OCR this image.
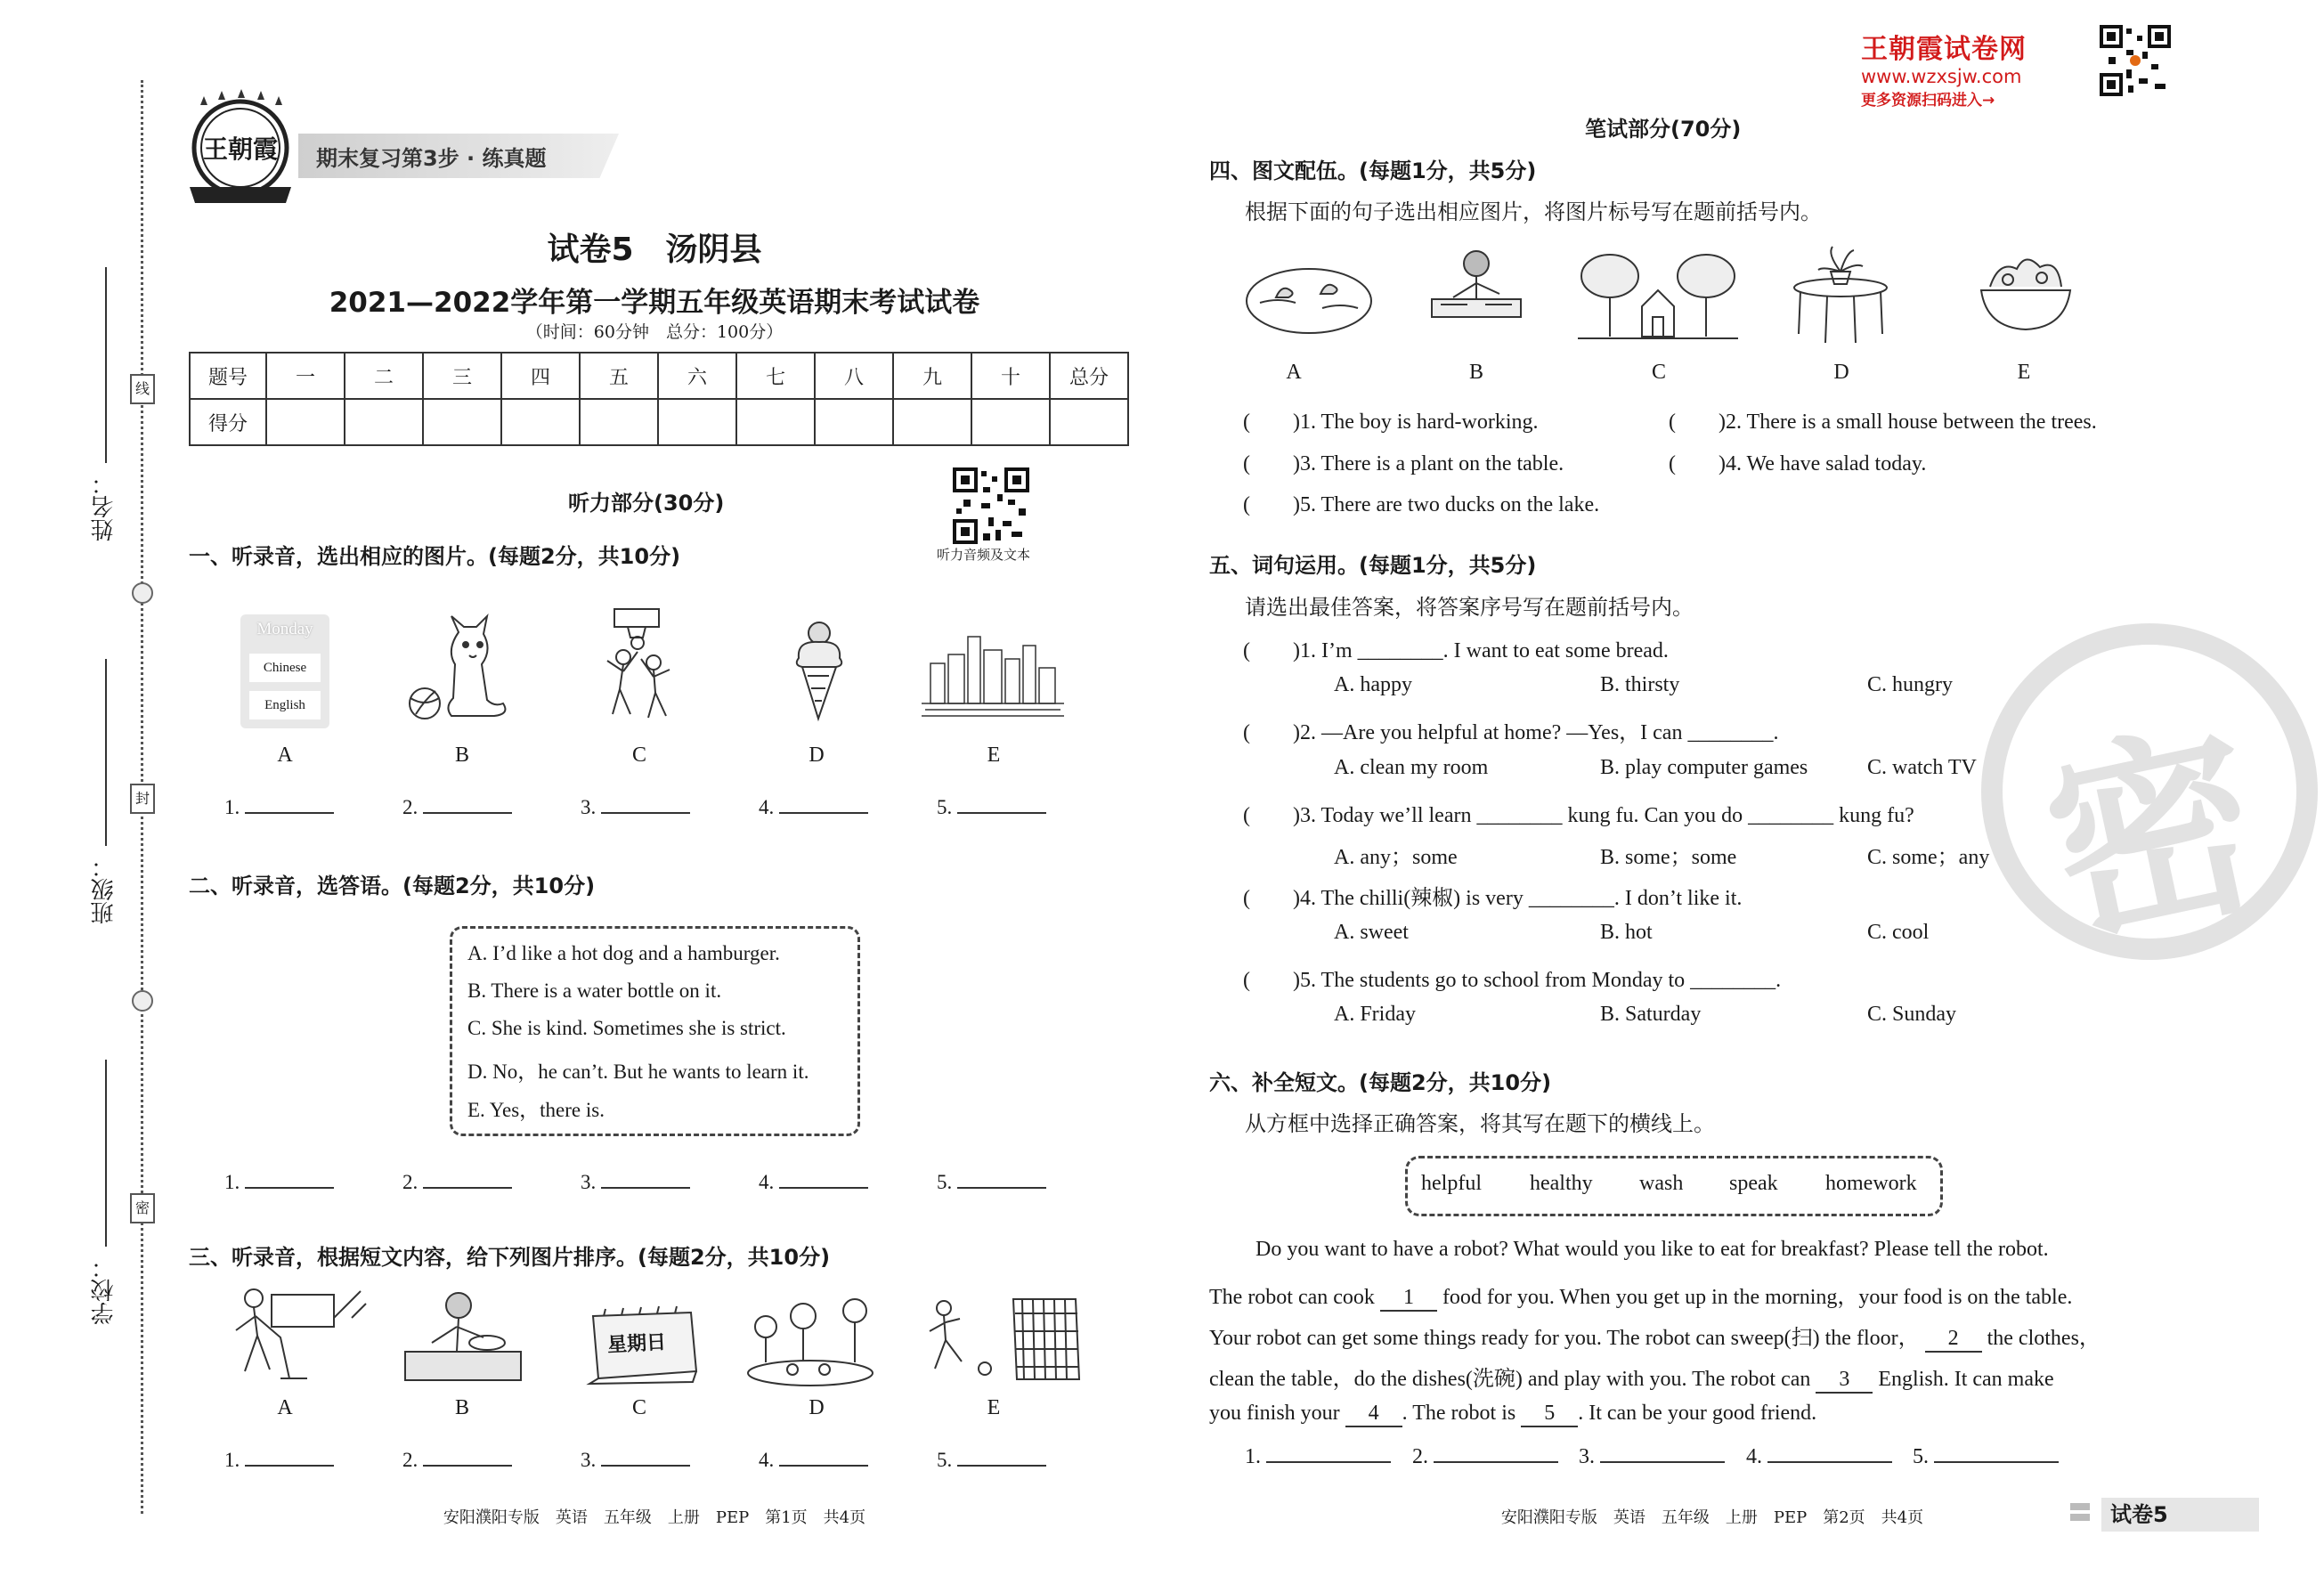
线
封
密
姓名：
班级：
学校：
王朝霞 期末复习第3步 · 练真题
试卷5　汤阴县
2021—2022学年第一学期五年级英语期末考试试卷
（时间：60分钟　总分：100分）
题号	一	二	三	四	五	六	七	八	九	十	总分
得分											
听力部分(30分)
听力音频及文本
一、听录音，选出相应的图片。(每题2分，共10分)
Monday
Chinese
English
A	B	C	D	E
1.	2.	3.	4.	5.
二、听录音，选答语。(每题2分，共10分)
A. I’d like a hot dog and a hamburger.
B. There is a water bottle on it.
C. She is kind. Sometimes she is strict.
D. No，he can’t. But he wants to learn it.
E. Yes，there is.
1.	2.	3.	4.	5.
三、听录音，根据短文内容，给下列图片排序。(每题2分，共10分)
星期日
A	B	C	D	E
1.	2.	3.	4.	5.
安阳濮阳专版　英语　五年级　上册　PEP　第1页　共4页
王朝霞试卷网
www.wzxsjw.com
更多资源扫码进入→
笔试部分(70分)
四、图文配伍。(每题1分，共5分)
根据下面的句子选出相应图片，将图片标号写在题前括号内。
A	B	C	D	E
(　　)1. The boy is hard-working.	(　　)2. There is a small house between the trees.
(　　)3. There is a plant on the table.	(　　)4. We have salad today.
(　　)5. There are two ducks on the lake.
五、词句运用。(每题1分，共5分)
请选出最佳答案，将答案序号写在题前括号内。
(　　)1. I’m ________. I want to eat some bread.
A. happy	B. thirsty	C. hungry
(　　)2. —Are you helpful at home? —Yes，I can ________.
A. clean my room	B. play computer games	C. watch TV
(　　)3. Today we’ll learn ________ kung fu. Can you do ________ kung fu?
A. any；some	B. some；some	C. some；any
(　　)4. The chilli(辣椒) is very ________. I don’t like it.
A. sweet	B. hot	C. cool
(　　)5. The students go to school from Monday to ________.
A. Friday	B. Saturday	C. Sunday
六、补全短文。(每题2分，共10分)
从方框中选择正确答案，将其写在题下的横线上。
helpful healthy wash speak homework
Do you want to have a robot? What would you like to eat for breakfast? Please tell the robot.
The robot can cook 1 food for you. When you get up in the morning，your food is on the table.
Your robot can get some things ready for you. The robot can sweep(扫) the floor， 2 the clothes，
clean the table，do the dishes(洗碗) and play with you. The robot can 3 English. It can make
you finish your 4 . The robot is 5 . It can be your good friend.
1.	2.	3.	4.	5.
密
安阳濮阳专版　英语　五年级　上册　PEP　第2页　共4页	试卷5
